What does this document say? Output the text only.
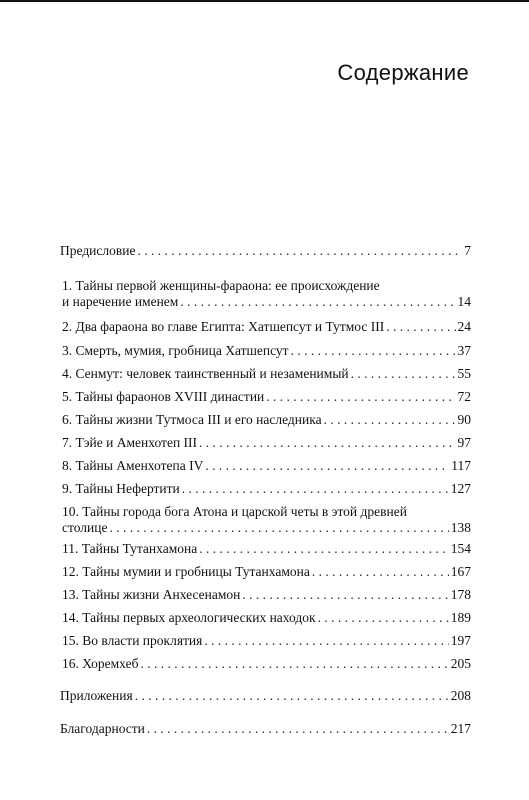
Содержание
Предисловие . . .	7
1. Тайны первой женщины-фараона: ее происхождение
и наречение именем . . .	14
2. Два фараона во главе Египта: Хатшепсут и Тутмос III . . .	24
3. Смерть, мумия, гробница Хатшепсут . . .	37
4. Сенмут: человек таинственный и незаменимый . . .	55
5. Тайны фараонов XVIII династии . . .	72
6. Тайны жизни Тутмоса III и его наследника . . .	90
7. Тэйе и Аменхотеп III . . .	97
8. Тайны Аменхотепа IV . . .	117
9. Тайны Нефертити . . .	127
10. Тайны города бога Атона и царской четы в этой древней
столице . . .	138
11. Тайны Тутанхамона . . .	154
12. Тайны мумии и гробницы Тутанхамона . . .	167
13. Тайны жизни Анхесенамон . . .	178
14. Тайны первых археологических находок . . .	189
15. Во власти проклятия . . .	197
16. Хоремхеб . . .	205
Приложения . . .	208
Благодарности . . .	217
